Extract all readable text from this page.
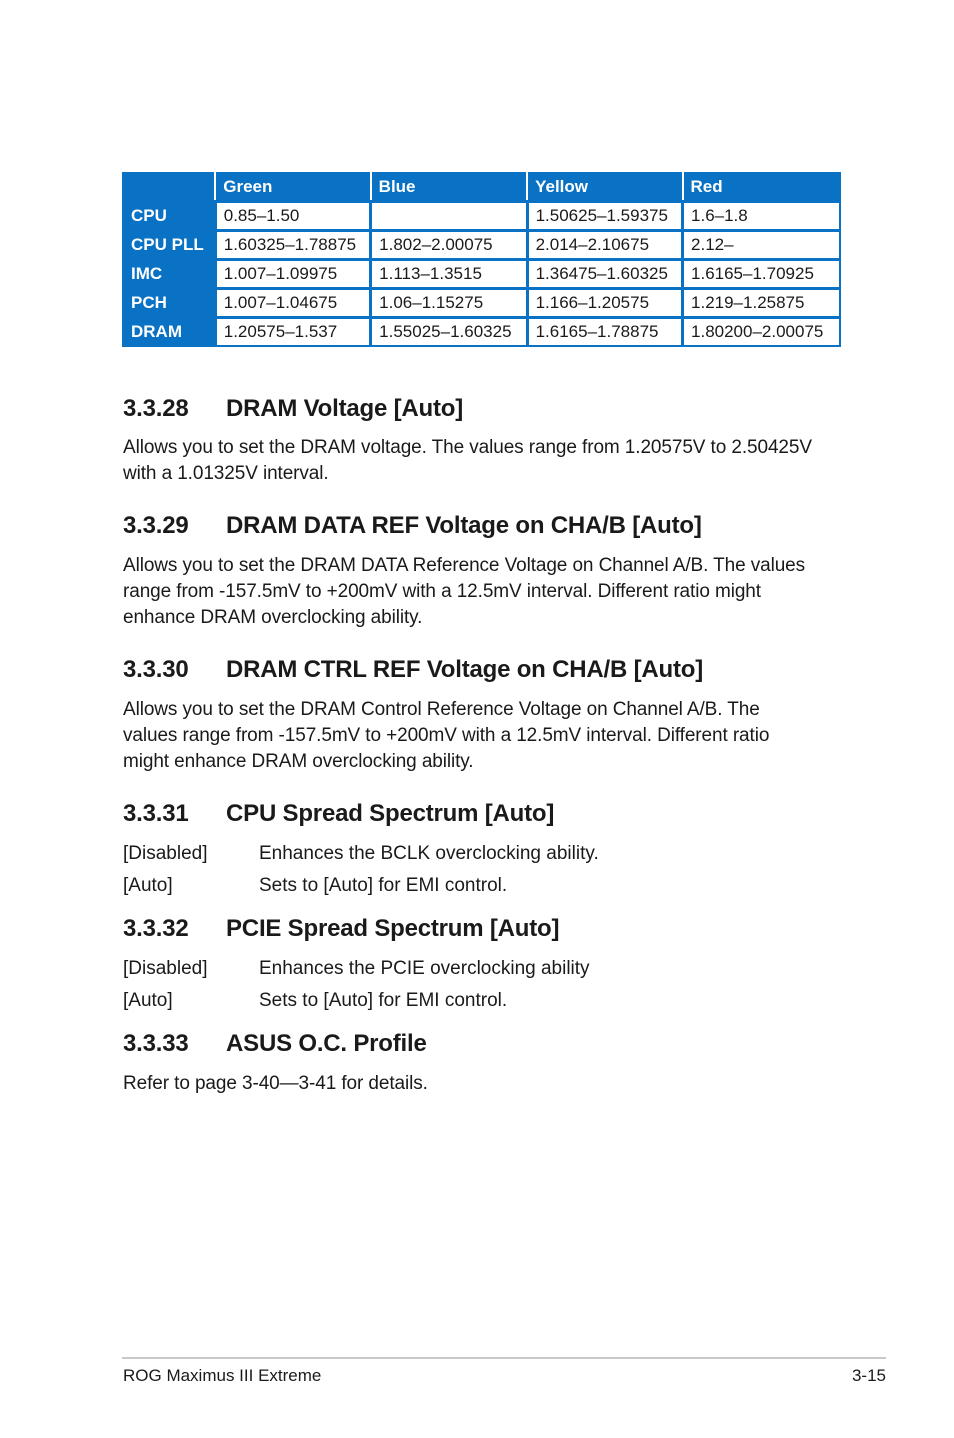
	Green	Blue	Yellow	Red
CPU	0.85–1.50		1.50625–1.59375	1.6–1.8
CPU PLL	1.60325–1.78875	1.802–2.00075	2.014–2.10675	2.12–
IMC	1.007–1.09975	1.113–1.3515	1.36475–1.60325	1.6165–1.70925
PCH	1.007–1.04675	1.06–1.15275	1.166–1.20575	1.219–1.25875
DRAM	1.20575–1.537	1.55025–1.60325	1.6165–1.78875	1.80200–2.00075
3.3.28 DRAM Voltage [Auto]

Allows you to set the DRAM voltage. The values range from 1.20575V to 2.50425V
with a 1.01325V interval.

3.3.29 DRAM DATA REF Voltage on CHA/B [Auto]

Allows you to set the DRAM DATA Reference Voltage on Channel A/B. The values
range from -157.5mV to +200mV with a 12.5mV interval. Different ratio might
enhance DRAM overclocking ability.

3.3.30 DRAM CTRL REF Voltage on CHA/B [Auto]

Allows you to set the DRAM Control Reference Voltage on Channel A/B. The
values range from -157.5mV to +200mV with a 12.5mV interval. Different ratio
might enhance DRAM overclocking ability.

3.3.31 CPU Spread Spectrum [Auto]
[Disabled]	Enhances the BCLK overclocking ability.
[Auto]	Sets to [Auto] for EMI control.
3.3.32 PCIE Spread Spectrum [Auto]
[Disabled]	Enhances the PCIE overclocking ability
[Auto]	Sets to [Auto] for EMI control.
3.3.33 ASUS O.C. Profile

Refer to page 3-40—3-41 for details.

ROG Maximus III Extreme	3-15
